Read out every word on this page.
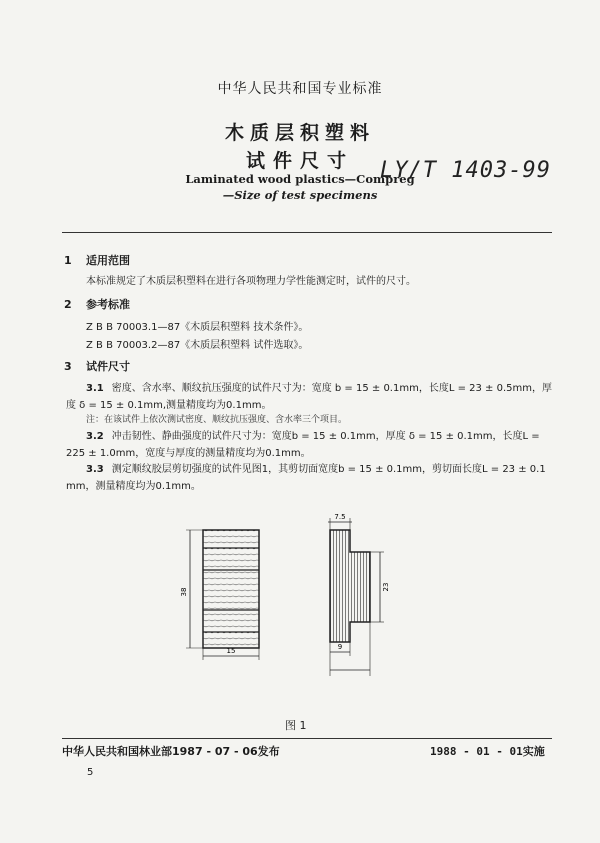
中华人民共和国专业标准
木质层积塑料
试件尺寸	LY/T 1403-99
Laminated wood plastics—Compreg
—Size of test specimens
1 适用范围
本标准规定了木质层积塑料在进行各项物理力学性能测定时，试件的尺寸。
2 参考标准
Z B B 70003.1—87《木质层积塑料 技术条件》。
Z B B 70003.2—87《木质层积塑料 试件选取》。
3 试件尺寸
3.1 密度、含水率、顺纹抗压强度的试件尺寸为：宽度 b = 15 ± 0.1mm，长度L = 23 ± 0.5mm，厚
度 δ = 15 ± 0.1mm,测量精度均为0.1mm。
注：在该试件上依次测试密度、顺纹抗压强度、含水率三个项目。
3.2 冲击韧性、静曲强度的试件尺寸为：宽度b = 15 ± 0.1mm，厚度 δ = 15 ± 0.1mm，长度L =
225 ± 1.0mm，宽度与厚度的测量精度均为0.1mm。
3.3 测定顺纹胶层剪切强度的试件见图1，其剪切面宽度b = 15 ± 0.1mm，剪切面长度L = 23 ± 0.1
mm，测量精度均为0.1mm。
38
15
7.5
23
9
图 1
中华人民共和国林业部1987 - 07 - 06发布	1988 - 01 - 01实施
5
